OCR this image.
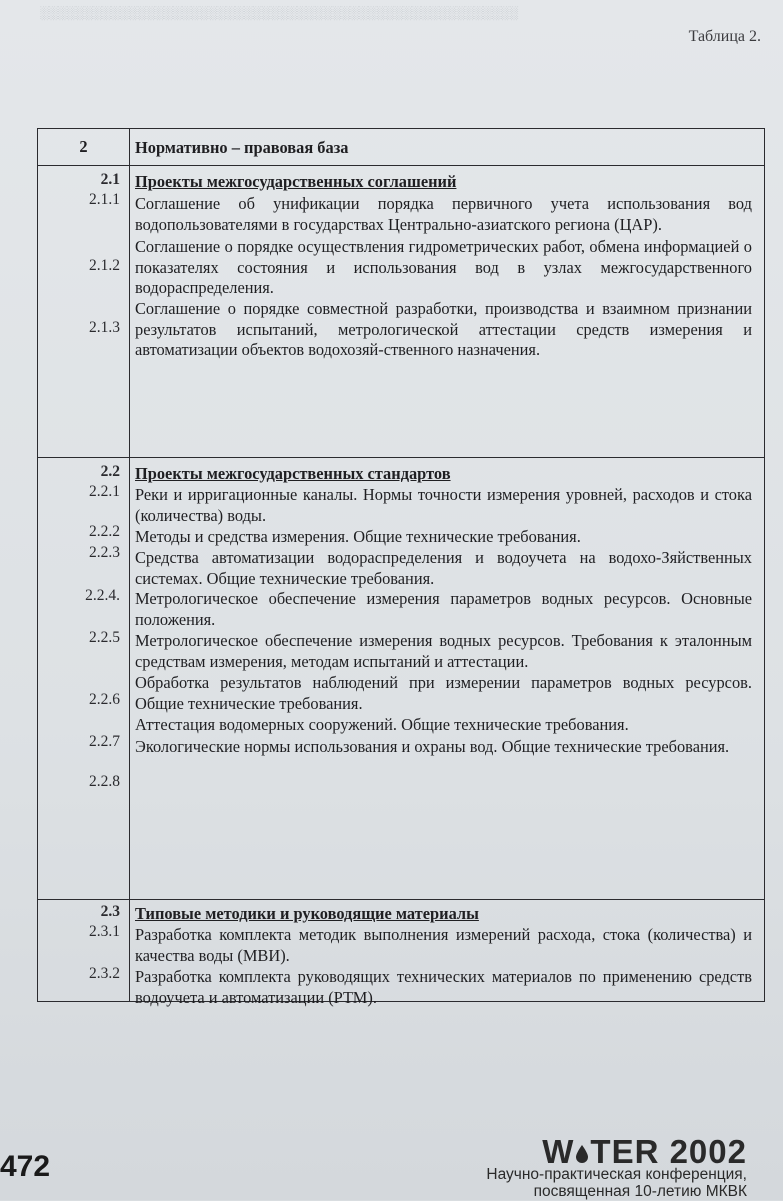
░░░░░░░░░░░░░░░░░░░░░░░░░░░░░░░░░░░░░░░░░░░░░░░░░░░░░░
Таблица 2.
2	Нормативно – правовая база
2.1 Проекты межгосударственных соглашений
2.1.1 Соглашение об унификации порядка первичного учета использования вод водопользователями в государствах Центрально-азиатского региона (ЦАР).
2.1.2
Соглашение о порядке осуществления гидрометрических работ, обмена информацией о показателях состояния и использования вод в узлах межгосударственного водораспределения.
2.1.3
Соглашение о порядке совместной разработки, производства и взаимном признании результатов испытаний, метрологической аттестации средств измерения и автоматизации объектов водохозяй-ственного назначения.
2.2 Проекты межгосударственных стандартов
2.2.1 Реки и ирригационные каналы. Нормы точности измерения уровней, расходов и стока (количества) воды.
2.2.2 Методы и средства измерения. Общие технические требования.
2.2.3 Средства автоматизации водораспределения и водоучета на водохо-Зяйственных системах. Общие технические требования.
2.2.4. Метрологическое обеспечение измерения параметров водных ресурсов. Основные положения.
2.2.5 Метрологическое обеспечение измерения водных ресурсов. Требования к эталонным средствам измерения, методам испытаний и аттестации.
2.2.6
Обработка результатов наблюдений при измерении параметров водных ресурсов. Общие технические требования.
2.2.7
Аттестация водомерных сооружений. Общие технические требования.
2.2.8
Экологические нормы использования и охраны вод. Общие технические требования.
2.3 Типовые методики и руководящие материалы
2.3.1 Разработка комплекта методик выполнения измерений расхода, стока (количества) и качества воды (МВИ).
2.3.2 Разработка комплекта руководящих технических материалов по применению средств водоучета и автоматизации (РТМ).
472	W TER 2002
Научно-практическая конференция,
посвященная 10-летию МКВК
